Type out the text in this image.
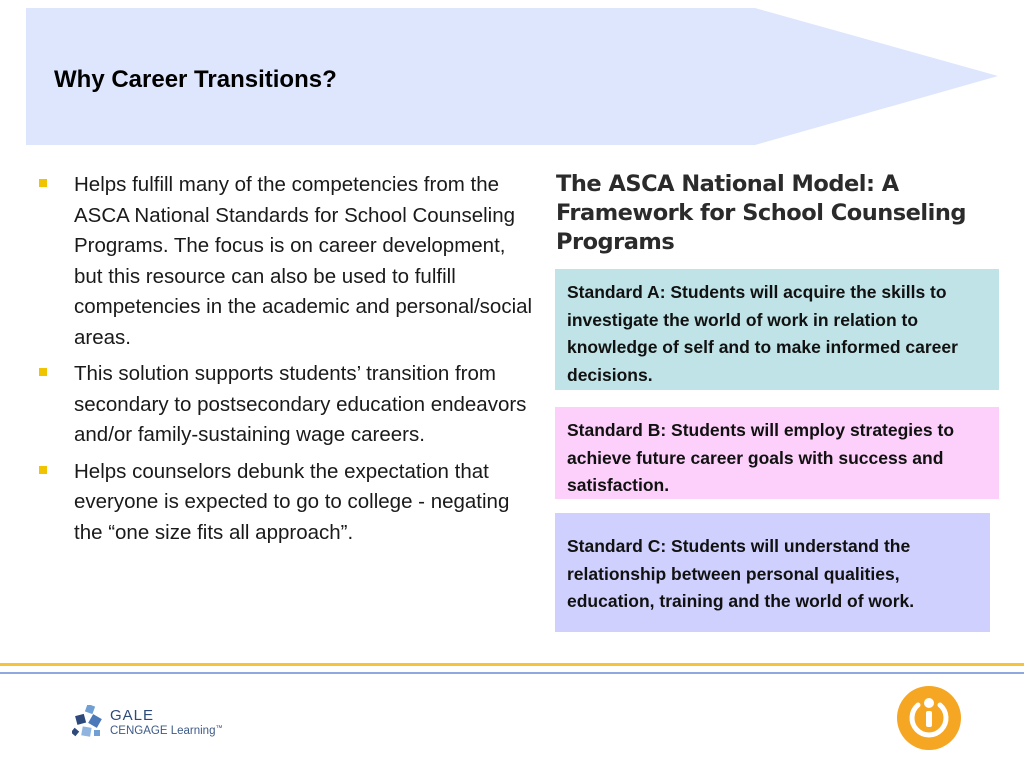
Why Career Transitions?
Helps fulfill many of the competencies from the ASCA National Standards for School Counseling Programs. The focus is on career development, but this resource can also be used to fulfill competencies in the academic and personal/social areas.
This solution supports students’ transition from secondary to postsecondary education endeavors and/or family-sustaining wage careers.
Helps counselors debunk the expectation that everyone is expected to go to college - negating the “one size fits all approach”.
The ASCA National Model: A Framework for School Counseling Programs
Standard A: Students will acquire the skills to investigate the world of work in relation to knowledge of self and to make informed career decisions.
Standard B: Students will employ strategies to achieve future career goals with success and satisfaction.
Standard C: Students will understand the relationship between personal qualities, education, training and the world of work.
GALE
CENGAGE Learning™
